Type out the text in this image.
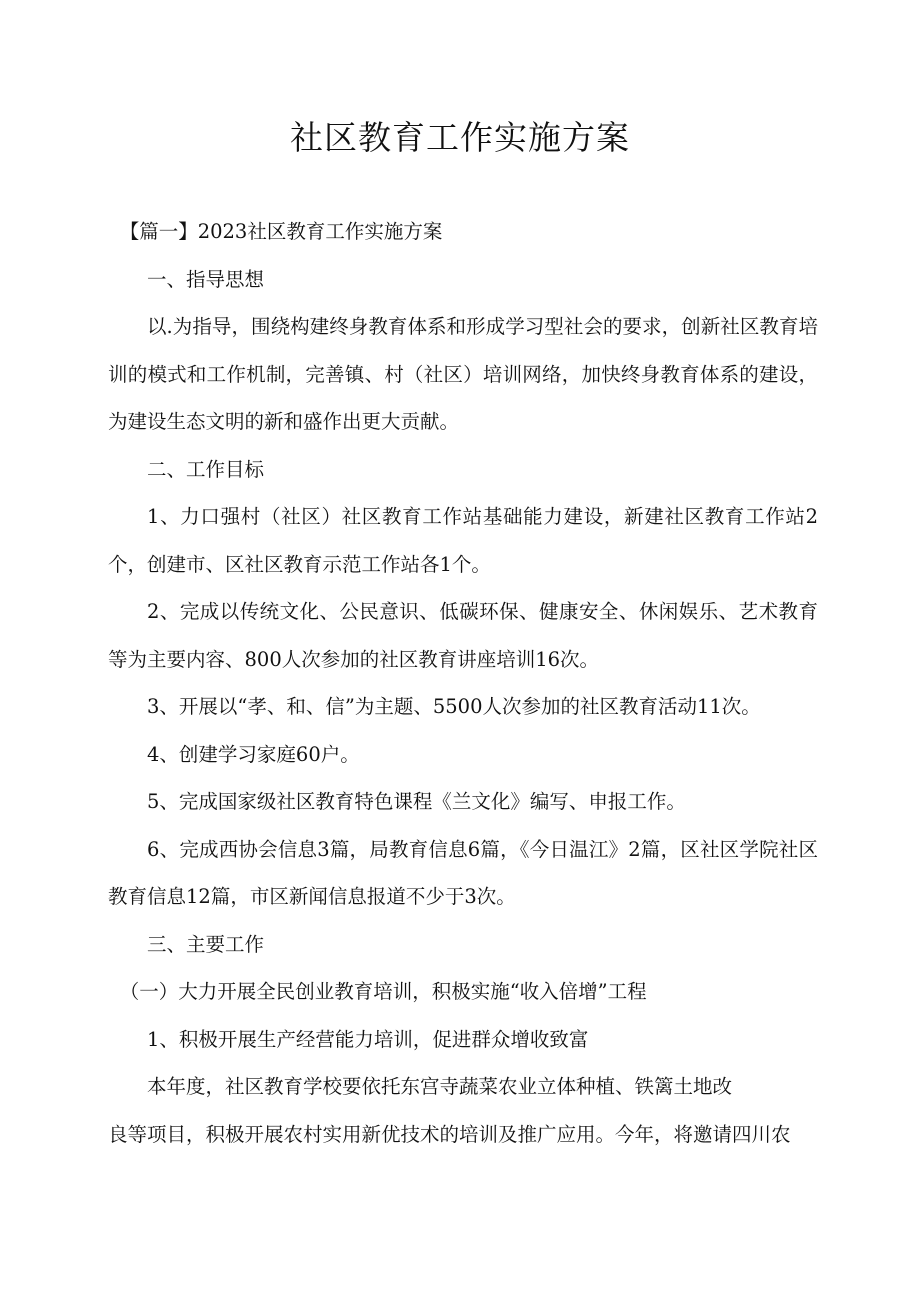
社区教育工作实施方案

【篇一】2023社区教育工作实施方案

一、指导思想

以.为指导，围绕构建终身教育体系和形成学习型社会的要求，创新社区教育培训的模式和工作机制，完善镇、村（社区）培训网络，加快终身教育体系的建设，为建设生态文明的新和盛作出更大贡献。

二、工作目标

1、力口强村（社区）社区教育工作站基础能力建设，新建社区教育工作站2个，创建市、区社区教育示范工作站各1个。

2、完成以传统文化、公民意识、低碳环保、健康安全、休闲娱乐、艺术教育等为主要内容、800人次参加的社区教育讲座培训16次。

3、开展以“孝、和、信”为主题、5500人次参加的社区教育活动11次。

4、创建学习家庭60户。

5、完成国家级社区教育特色课程《兰文化》编写、申报工作。

6、完成西协会信息3篇，局教育信息6篇，《今日温江》2篇，区社区学院社区教育信息12篇，市区新闻信息报道不少于3次。

三、主要工作

（一）大力开展全民创业教育培训，积极实施“收入倍增”工程

1、积极开展生产经营能力培训，促进群众增收致富

本年度，社区教育学校要依托东宫寺蔬菜农业立体种植、铁篱土地改

良等项目，积极开展农村实用新优技术的培训及推广应用。今年，将邀请四川农
